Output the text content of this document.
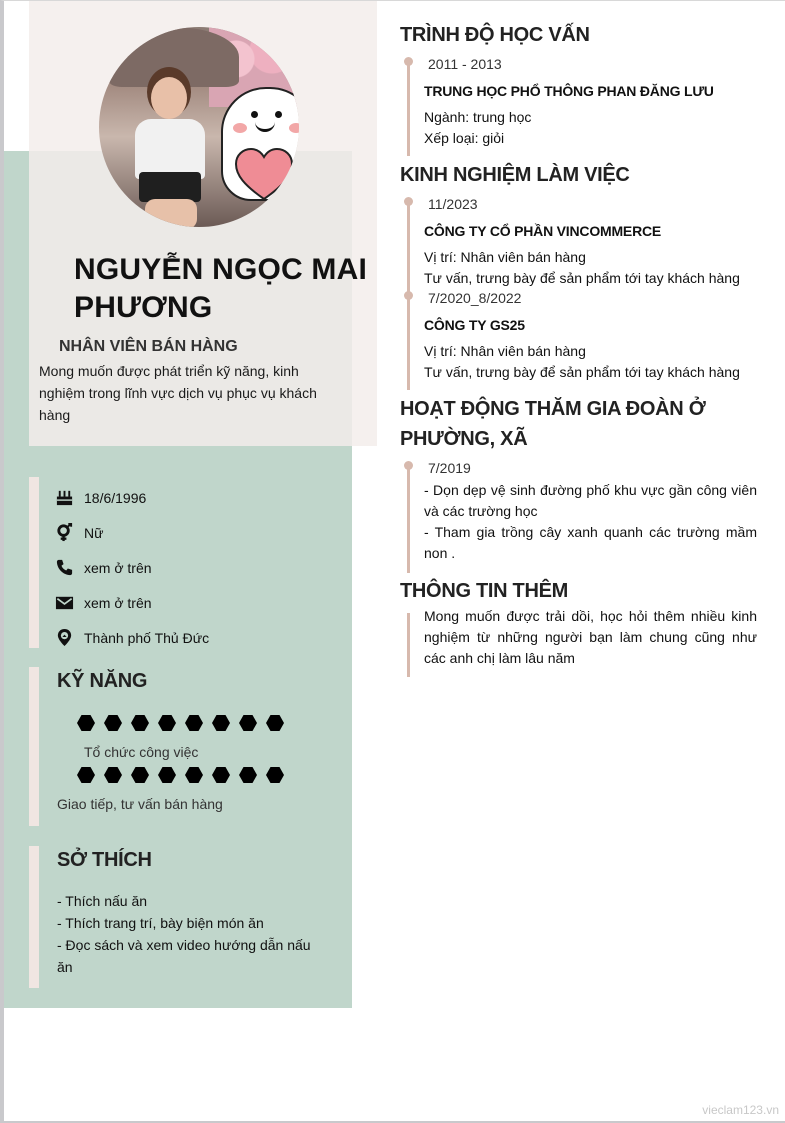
NGUYỄN NGỌC MAI PHƯƠNG
NHÂN VIÊN BÁN HÀNG
Mong muốn được phát triển kỹ năng, kinh nghiệm trong lĩnh vực dịch vụ phục vụ khách hàng
18/6/1996
Nữ
xem ở trên
xem ở trên
Thành phố Thủ Đức
KỸ NĂNG
Tổ chức công việc
Giao tiếp, tư vấn bán hàng
SỞ THÍCH
- Thích nấu ăn
- Thích trang trí, bày biện món ăn
- Đọc sách và xem video hướng dẫn nấu ăn
TRÌNH ĐỘ HỌC VẤN
2011 - 2013
TRUNG HỌC PHỔ THÔNG PHAN ĐĂNG LƯU
Ngành: trung học
Xếp loại: giỏi
KINH NGHIỆM LÀM VIỆC
11/2023
CÔNG TY CỔ PHẦN VINCOMMERCE
Vị trí: Nhân viên bán hàng
Tư vấn, trưng bày để sản phẩm tới tay khách hàng
7/2020_8/2022
CÔNG TY GS25
Vị trí: Nhân viên bán hàng
Tư vấn, trưng bày để sản phẩm tới tay khách hàng
HOẠT ĐỘNG THĂM GIA ĐOÀN Ở PHƯỜNG, XÃ
7/2019
- Dọn dẹp vệ sinh đường phố khu vực gần công viên và các trường học
- Tham gia trồng cây xanh quanh các trường mầm non .
THÔNG TIN THÊM
Mong muốn được trải dồi, học hỏi thêm nhiều kinh nghiệm từ những người bạn làm chung cũng như các anh chị làm lâu năm
vieclam123.vn
